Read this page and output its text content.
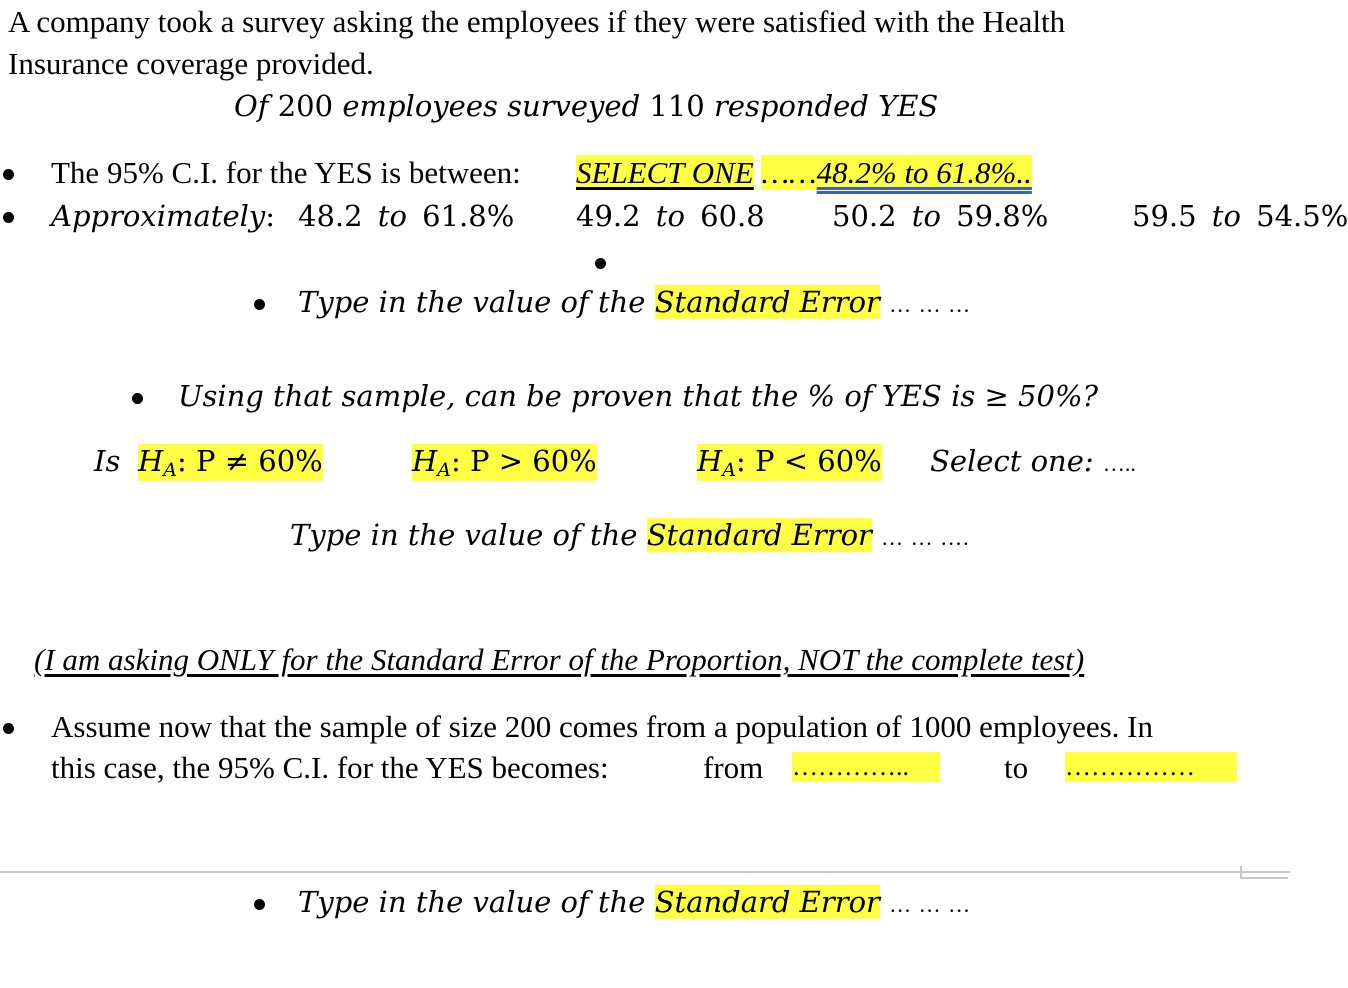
A company took a survey asking the employees if they were satisfied with the Health
Insurance coverage provided.
Of 200 employees surveyed 110 responded YES
The 95% C.I. for the YES is between: SELECT ONE ……48.2% to 61.8%..
Approximately: 48.2 to 61.8% 49.2 to 60.8 50.2 to 59.8%	59.5 to 54.5%
Type in the value of the Standard Error … … …
Using that sample, can be proven that the % of YES is ≥ 50%?
Is $H_A$: P ≠ 60%	$H_A$: P > 60%	$H_A$: P < 60% Select one: …..
Type in the value of the Standard Error … … ….
(I am asking ONLY for the Standard Error of the Proportion, NOT the complete test)
Assume now that the sample of size 200 comes from a population of 1000 employees. In
this case, the 95% C.I. for the YES becomes:	from …………..	to ……………
Type in the value of the Standard Error … … …
